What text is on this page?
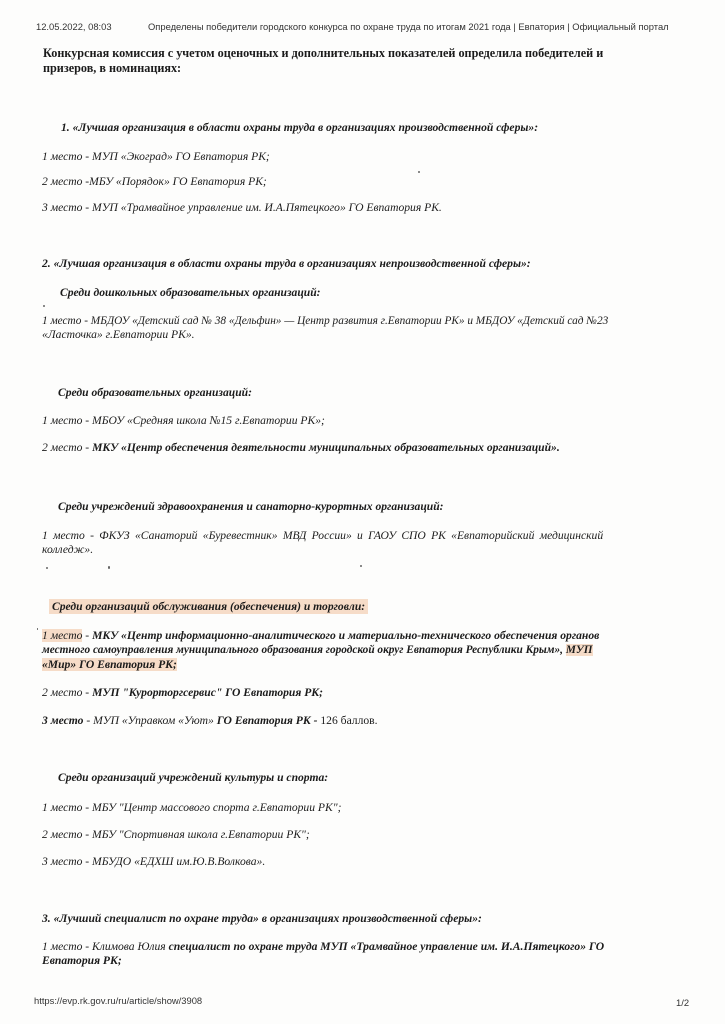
12.05.2022, 08:03	Определены победители городского конкурса по охране труда по итогам 2021 года | Евпатория | Официальный портал
Конкурсная комиссия с учетом оценочных и дополнительных показателей определила победителей и
призеров, в номинациях:
1. «Лучшая организация в области охраны труда в организациях производственной сферы»:
1 место - МУП «Экоград» ГО Евпатория РК;
2 место -МБУ «Порядок» ГО Евпатория РК;
3 место - МУП «Трамвайное управление им. И.А.Пятецкого» ГО Евпатория РК.
2. «Лучшая организация в области охраны труда в организациях непроизводственной сферы»:
Среди дошкольных образовательных организаций:
1 место - МБДОУ «Детский сад № 38 «Дельфин» — Центр развития г.Евпатории РК» и МБДОУ «Детский сад №23
«Ласточка» г.Евпатории РК».
Среди образовательных организаций:
1 место - МБОУ «Средняя школа №15 г.Евпатории РК»;
2 место - МКУ «Центр обеспечения деятельности муниципальных образовательных организаций».
Среди учреждений здравоохранения и санаторно-курортных организаций:
1 место - ФКУЗ «Санаторий «Буревестник» МВД России» и ГАОУ СПО РК «Евпаторийский медицинский
колледж».
Среди организаций обслуживания (обеспечения) и торговли:
1 место - МКУ «Центр информационно-аналитического и материально-технического обеспечения органов
местного самоуправления муниципального образования городской округ Евпатория Республики Крым», МУП
«Мир» ГО Евпатория РК;
2 место - МУП "Курорторгсервис" ГО Евпатория РК;
3 место - МУП «Управком «Уют» ГО Евпатория РК - 126 баллов.
Среди организаций учреждений культуры и спорта:
1 место - МБУ "Центр массового спорта г.Евпатории РК";
2 место - МБУ "Спортивная школа г.Евпатории РК";
3 место - МБУДО «ЕДХШ им.Ю.В.Волкова».
3. «Лучший специалист по охране труда» в организациях производственной сферы»:
1 место - Климова Юлия специалист по охране труда МУП «Трамвайное управление им. И.А.Пятецкого» ГО
Евпатория РК;
https://evp.rk.gov.ru/ru/article/show/3908	1/2
